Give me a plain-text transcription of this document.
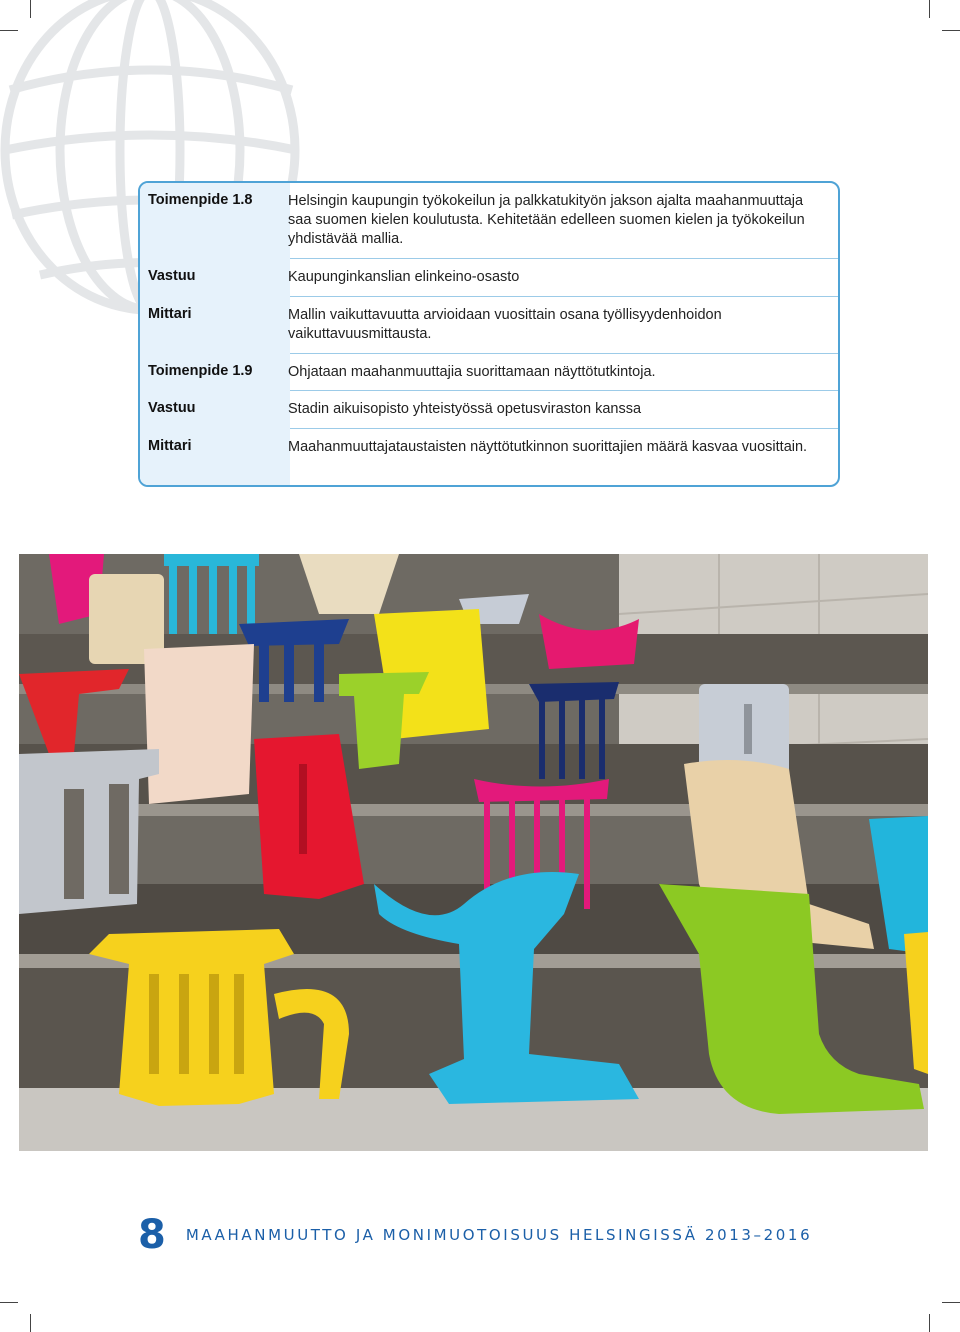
Toimenpide 1.8	Helsingin kaupungin työkokeilun ja palkkatukityön jakson ajalta maahanmuuttaja saa suomen kielen koulutusta. Kehitetään edelleen suomen kielen ja työkokeilun yhdistävää mallia.
Vastuu	Kaupunginkanslian elinkeino-osasto
Mittari	Mallin vaikuttavuutta arvioidaan vuosittain osana työllisyydenhoidon vaikuttavuusmittausta.
Toimenpide 1.9	Ohjataan maahanmuuttajia suorittamaan näyttötutkintoja.
Vastuu	Stadin aikuisopisto yhteistyössä opetusviraston kanssa
Mittari	Maahanmuuttajataustaisten näyttötutkinnon suorittajien määrä kasvaa vuosittain.
8 MAAHANMUUTTO JA MONIMUOTOISUUS HELSINGISSÄ 2013–2016
